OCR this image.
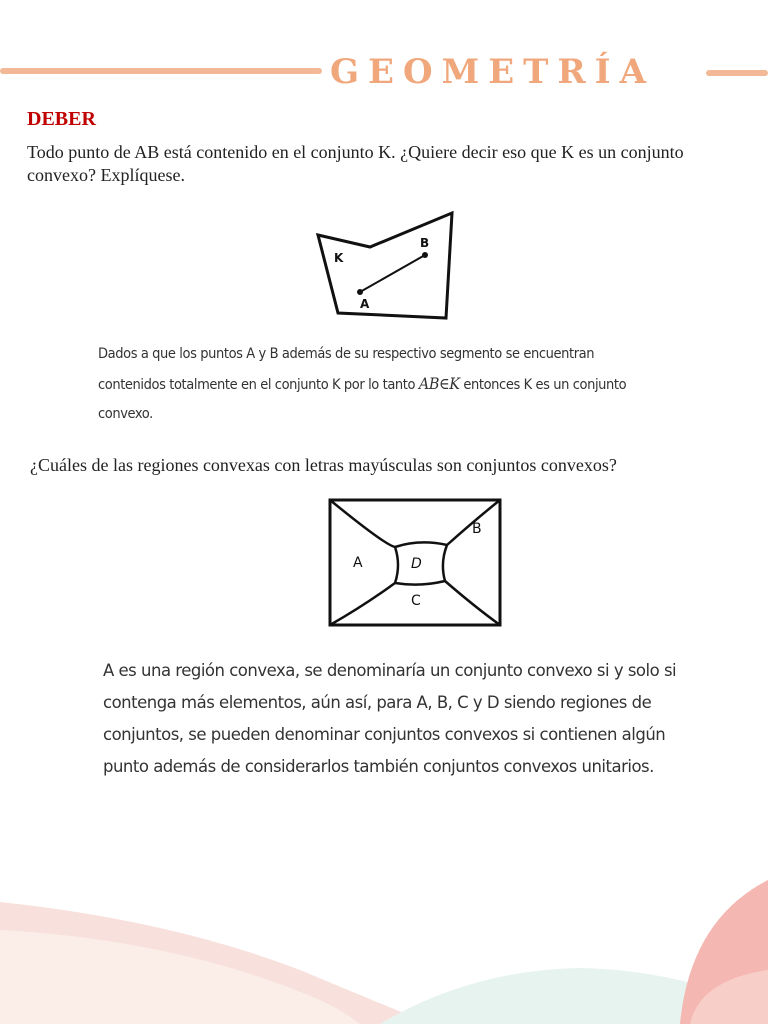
GEOMETRÍA
DEBER
Todo punto de AB está contenido en el conjunto K. ¿Quiere decir eso que K es un conjunto convexo? Explíquese.
K
B
A
Dados a que los puntos A y B además de su respectivo segmento se encuentran contenidos totalmente en el conjunto K por lo tanto AB∈K entonces K es un conjunto convexo.
¿Cuáles de las regiones convexas con letras mayúsculas son conjuntos convexos?
A
B
C
D
A es una región convexa, se denominaría un conjunto convexo si y solo si contenga más elementos, aún así, para A, B, C y D siendo regiones de conjuntos, se pueden denominar conjuntos convexos si contienen algún punto además de considerarlos también conjuntos convexos unitarios.
